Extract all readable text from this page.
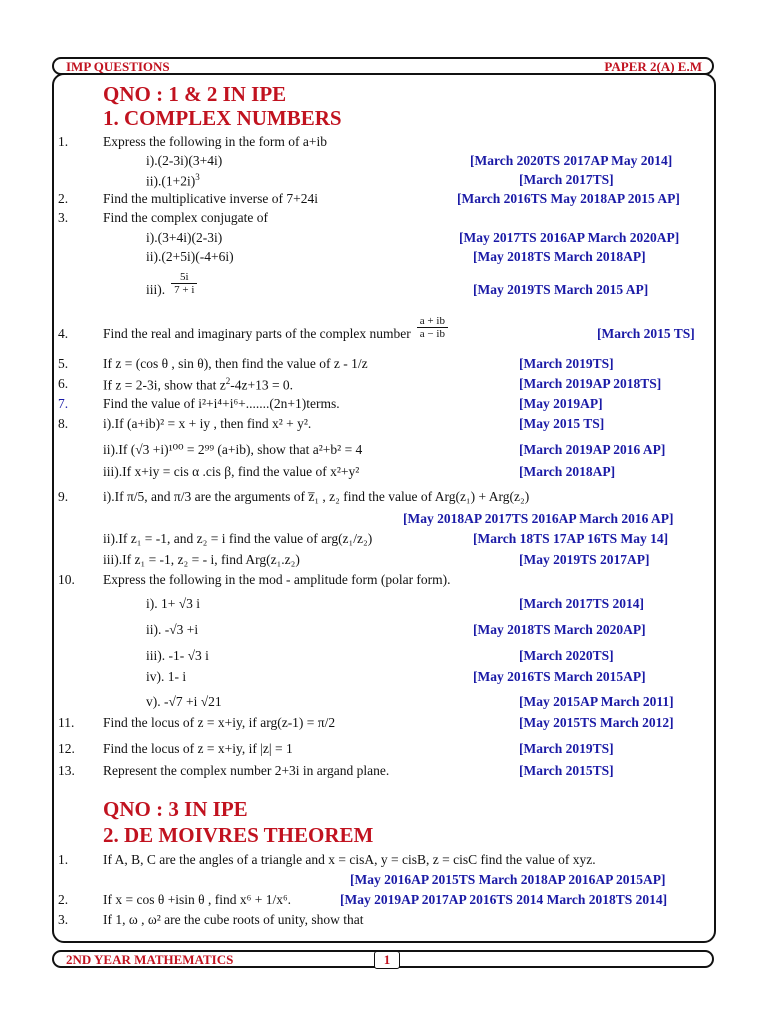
IMP QUESTIONS	PAPER 2(A) E.M
QNO : 1 & 2 IN IPE
1. COMPLEX NUMBERS
1.	Express the following in the form of a+ib
i).(2-3i)(3+4i)	[March 2020TS 2017AP May 2014]
$ii).(1+2i)^3$	[March 2017TS]
2.	Find the multiplicative inverse of 7+24i	[March 2016TS May 2018AP 2015 AP]
3.	Find the complex conjugate of
i).(3+4i)(2-3i)	[May 2017TS 2016AP March 2020AP]
ii).(2+5i)(-4+6i)	[May 2018TS March 2018AP]
iii). $\frac{5i}{7 + i}$	[May 2019TS March 2015 AP]
4.	Find the real and imaginary parts of the complex number $\frac{a + ib}{a - ib}$	[March 2015 TS]
5.	If z = (cos θ , sin θ), then find the value of z - 1/z	[March 2019TS]
6.	If z = 2-3i, show that $z^2-4z+13 = 0$.	[March 2019AP 2018TS]
7.	Find the value of i²+i⁴+i⁶+.......(2n+1)terms.	[May 2019AP]
8.	i).If (a+ib)² = x + iy , then find x² + y².	[May 2015 TS]
ii).If (√3 +i)¹⁰⁰ = 2⁹⁹ (a+ib), show that a²+b² = 4	[March 2019AP 2016 AP]
iii).If x+iy = cis α .cis β, find the value of x²+y²	[March 2018AP]
9.	i).If π/5, and π/3 are the arguments of z̅₁ , z₂ find the value of Arg(z₁) + Arg(z₂)
[May 2018AP 2017TS 2016AP March 2016 AP]
ii).If z₁ = -1, and z₂ = i find the value of arg(z₁/z₂)	[March 18TS 17AP 16TS May 14]
iii).If z₁ = -1, z₂ = - i, find Arg(z₁.z₂)	[May 2019TS 2017AP]
10. Express the following in the mod - amplitude form (polar form).
i). 1+ √3 i	[March 2017TS 2014]
ii). -√3 +i	[May 2018TS March 2020AP]
iii). -1- √3 i	[March 2020TS]
iv). 1- i	[May 2016TS March 2015AP]
v). -√7 +i √21	[May 2015AP March 2011]
11. Find the locus of z = x+iy, if arg(z-1) = π/2	[May 2015TS March 2012]
12. Find the locus of z = x+iy, if |z| = 1	[March 2019TS]
13. Represent the complex number 2+3i in argand plane.	[March 2015TS]
QNO : 3 IN IPE
2. DE MOIVRES THEOREM
1.	If A, B, C are the angles of a triangle and x = cisA, y = cisB, z = cisC find the value of xyz.
[May 2016AP 2015TS March 2018AP 2016AP 2015AP]
2.	If x = cos θ +isin θ , find x⁶ + 1/x⁶.	[May 2019AP 2017AP 2016TS 2014 March 2018TS 2014]
3.	If 1, ω , ω² are the cube roots of unity, show that
2ND YEAR MATHEMATICS	1
